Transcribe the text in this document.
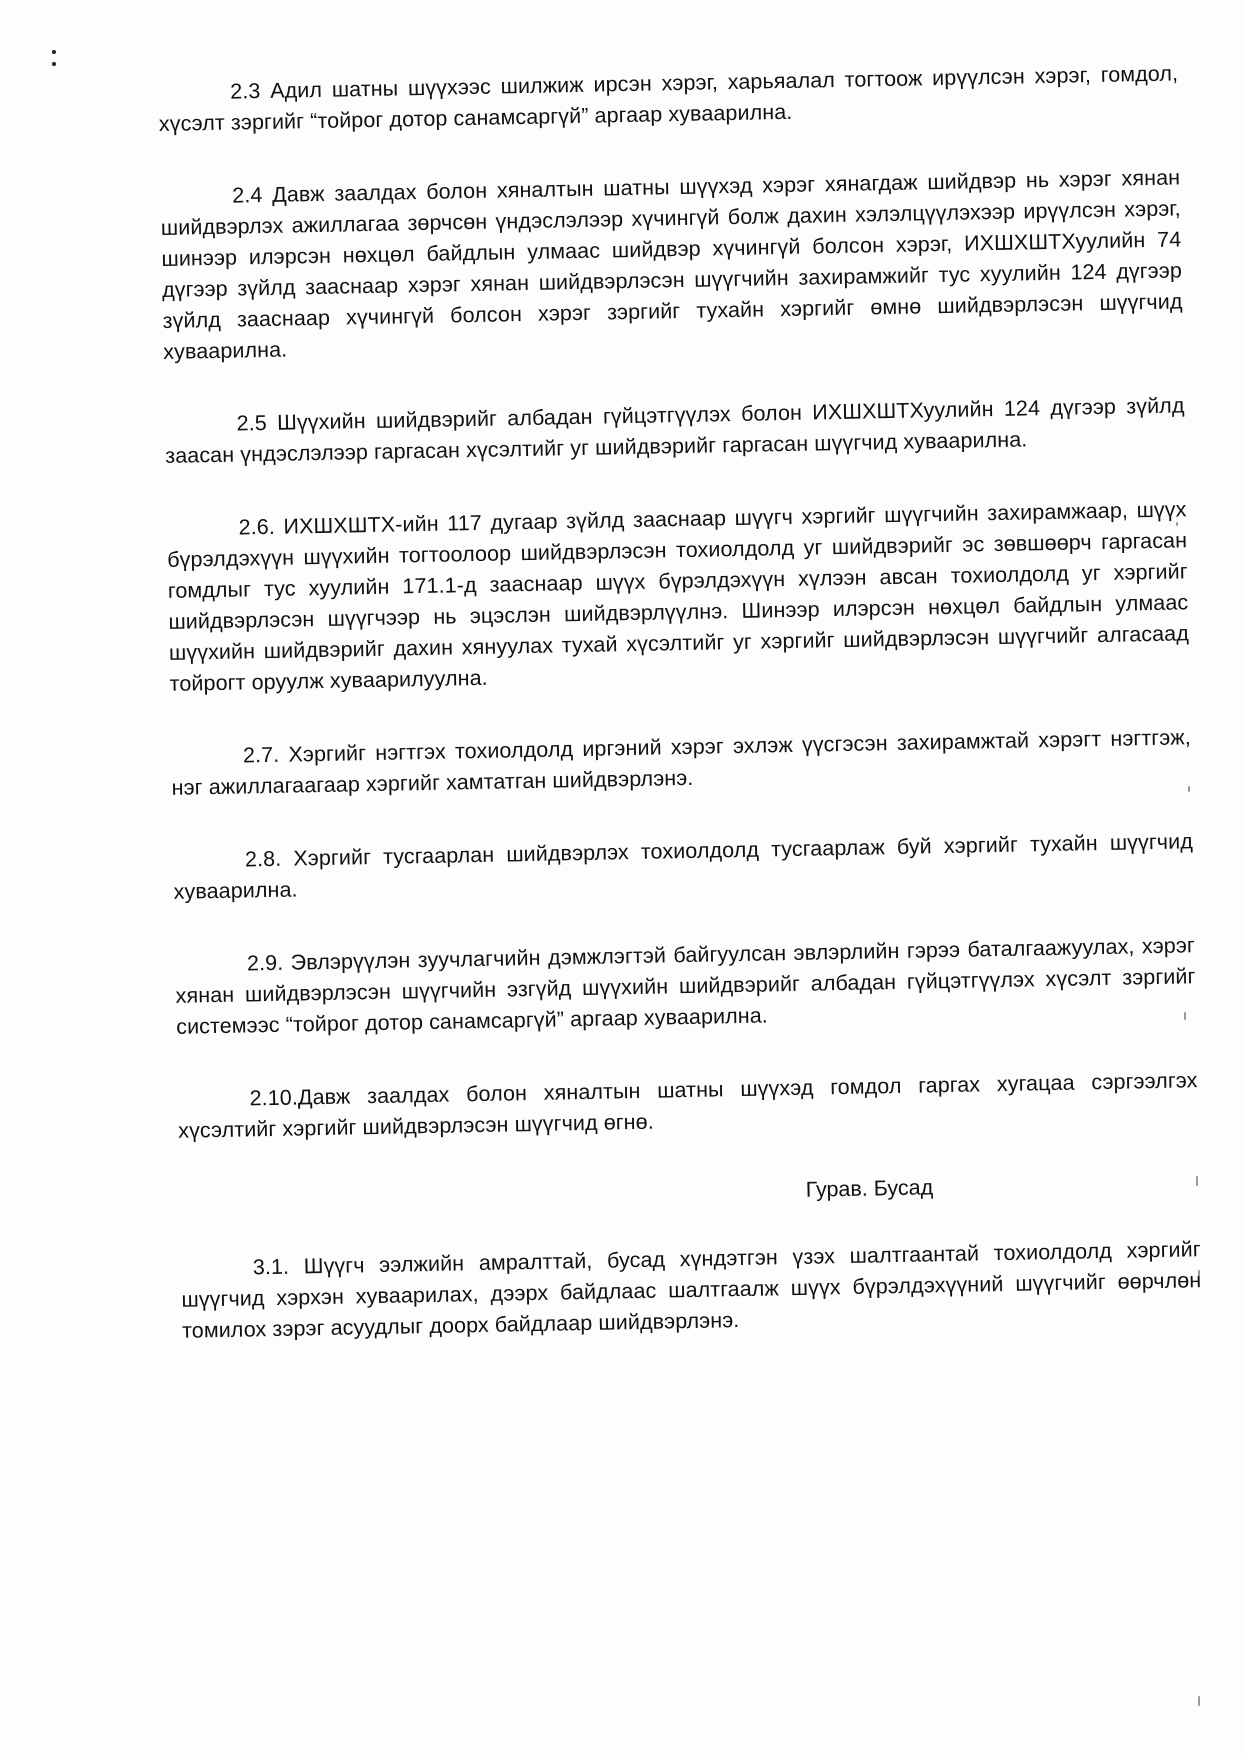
2.3 Адил шатны шүүхээс шилжиж ирсэн хэрэг, харьяалал тогтоож ирүүлсэн хэрэг, гомдол, хүсэлт зэргийг “тойрог дотор санамсаргүй” аргаар хуваарилна.

2.4 Давж заалдах болон хяналтын шатны шүүхэд хэрэг хянагдаж шийдвэр нь хэрэг хянан шийдвэрлэх ажиллагаа зөрчсөн үндэслэлээр хүчингүй болж дахин хэлэлцүүлэхээр ирүүлсэн хэрэг, шинээр илэрсэн нөхцөл байдлын улмаас шийдвэр хүчингүй болсон хэрэг, ИХШХШТХуулийн 74 дүгээр зүйлд зааснаар хэрэг хянан шийдвэрлэсэн шүүгчийн захирамжийг тус хуулийн 124 дүгээр зүйлд зааснаар хүчингүй болсон хэрэг зэргийг тухайн хэргийг өмнө шийдвэрлэсэн шүүгчид хуваарилна.

2.5 Шүүхийн шийдвэрийг албадан гүйцэтгүүлэх болон ИХШХШТХуулийн 124 дүгээр зүйлд заасан үндэслэлээр гаргасан хүсэлтийг уг шийдвэрийг гаргасан шүүгчид хуваарилна.

2.6. ИХШХШТХ-ийн 117 дугаар зүйлд зааснаар шүүгч хэргийг шүүгчийн захирамжаар, шүүх бүрэлдэхүүн шүүхийн тогтоолоор шийдвэрлэсэн тохиолдолд уг шийдвэрийг эс зөвшөөрч гаргасан гомдлыг тус хуулийн 171.1-д зааснаар шүүх бүрэлдэхүүн хүлээн авсан тохиолдолд уг хэргийг шийдвэрлэсэн шүүгчээр нь эцэслэн шийдвэрлүүлнэ. Шинээр илэрсэн нөхцөл байдлын улмаас шүүхийн шийдвэрийг дахин хянуулах тухай хүсэлтийг уг хэргийг шийдвэрлэсэн шүүгчийг алгасаад тойрогт оруулж хуваарилуулна.

2.7. Хэргийг нэгтгэх тохиолдолд иргэний хэрэг эхлэж үүсгэсэн захирамжтай хэрэгт нэгтгэж, нэг ажиллагаагаар хэргийг хамтатган шийдвэрлэнэ.

2.8. Хэргийг тусгаарлан шийдвэрлэх тохиолдолд тусгаарлаж буй хэргийг тухайн шүүгчид хуваарилна.

2.9. Эвлэрүүлэн зуучлагчийн дэмжлэгтэй байгуулсан эвлэрлийн гэрээ баталгаажуулах, хэрэг хянан шийдвэрлэсэн шүүгчийн эзгүйд шүүхийн шийдвэрийг албадан гүйцэтгүүлэх хүсэлт зэргийг системээс “тойрог дотор санамсаргүй” аргаар хуваарилна.

2.10.Давж заалдах болон хяналтын шатны шүүхэд гомдол гаргах хугацаа сэргээлгэх хүсэлтийг хэргийг шийдвэрлэсэн шүүгчид өгнө.

Гурав. Бусад

3.1. Шүүгч ээлжийн амралттай, бусад хүндэтгэн үзэх шалтгаантай тохиолдолд хэргийг шүүгчид хэрхэн хуваарилах, дээрх байдлаас шалтгаалж шүүх бүрэлдэхүүний шүүгчийг өөрчлөн томилох зэрэг асуудлыг доорх байдлаар шийдвэрлэнэ.
